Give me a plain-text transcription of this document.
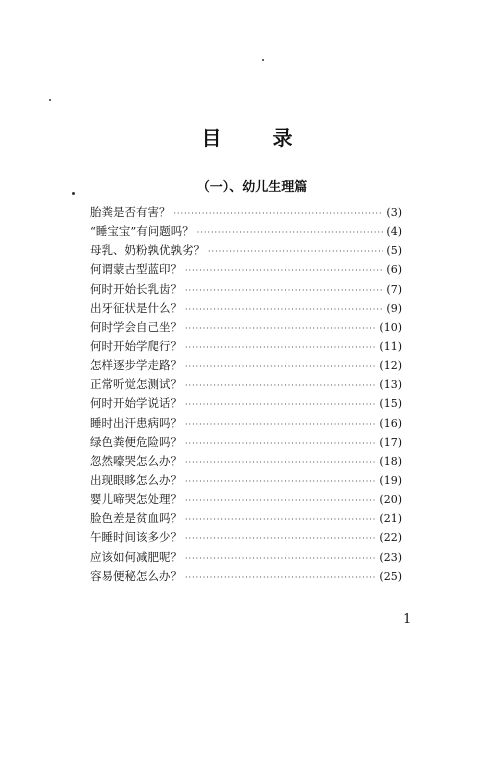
目 录
（一）、幼儿生理篇
胎粪是否有害？ ·····	(3)
“睡宝宝”有问题吗？ ·····	(4)
母乳、奶粉孰优孰劣？ ·····	(5)
何谓蒙古型蓝印？ ·····	(6)
何时开始长乳齿？ ·····	(7)
出牙征状是什么？ ·····	(9)
何时学会自己坐？ ·····	(10)
何时开始学爬行？ ·····	(11)
怎样逐步学走路？ ·····	(12)
正常听觉怎测试？ ·····	(13)
何时开始学说话？ ·····	(15)
睡时出汗患病吗？ ·····	(16)
绿色粪便危险吗？ ·····	(17)
忽然嚎哭怎么办？ ·····	(18)
出现眼眵怎么办？ ·····	(19)
婴儿啼哭怎处理？ ·····	(20)
脸色差是贫血吗？ ·····	(21)
午睡时间该多少？ ·····	(22)
应该如何减肥呢？ ·····	(23)
容易便秘怎么办？ ·····	(25)
1
